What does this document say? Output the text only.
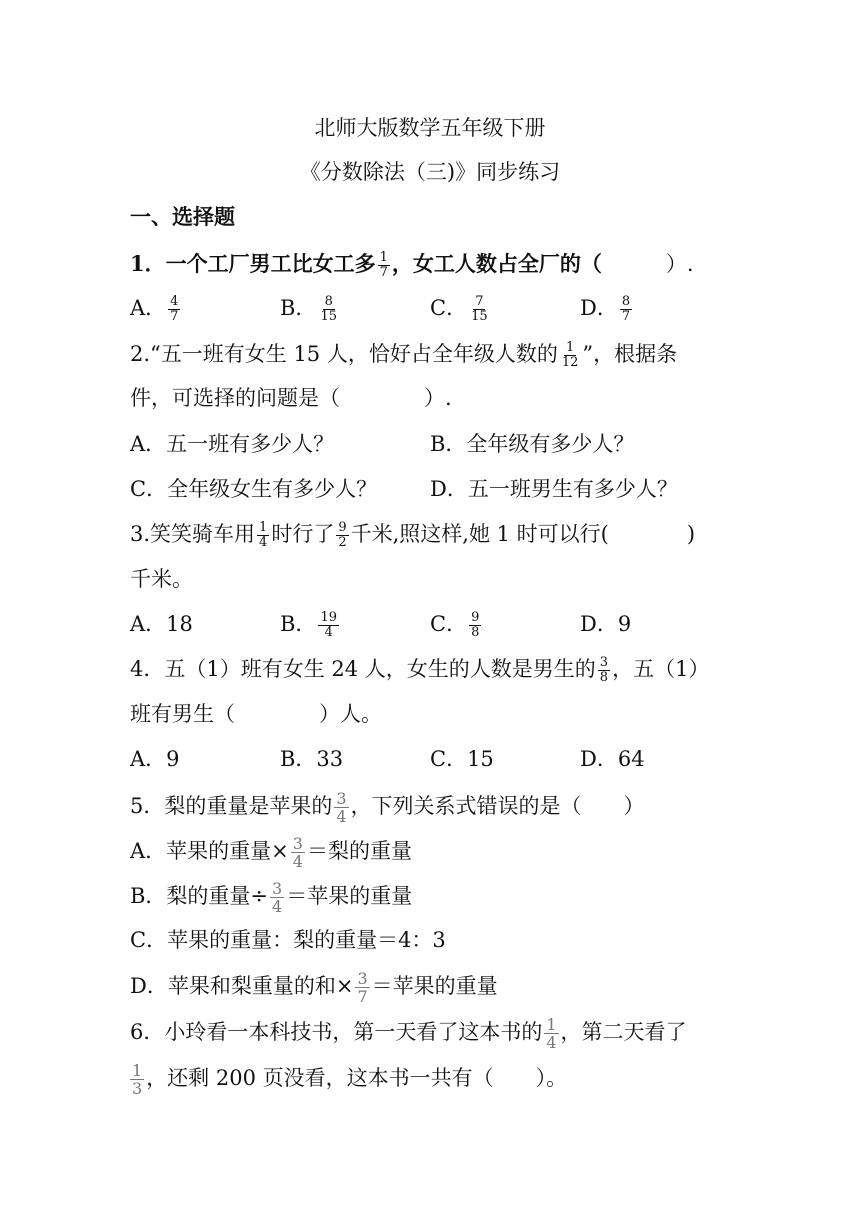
北师大版数学五年级下册
《分数除法（三)》同步练习
一、选择题
1．一个工厂男工比女工多 $\frac{1}{7}$ ，女工人数占全厂的（	）.
A． $\frac{4}{7}$	B． $\frac{8}{15}$	C． $\frac{7}{15}$	D． $\frac{8}{7}$
2.“五一班有女生 15 人，恰好占全年级人数的 $\frac{1}{12}$ ”，根据条
件，可选择的问题是（　　　　）.
A．五一班有多少人？	B．全年级有多少人？
C．全年级女生有多少人？	D．五一班男生有多少人？
3.笑笑骑车用 $\frac{1}{4}$ 时行了 $\frac{9}{2}$ 千米,照这样,她 1 时可以行(	)
千米。
A．18	B． $\frac{19}{4}$	C． $\frac{9}{8}$	D．9
4．五（1）班有女生 24 人，女生的人数是男生的 $\frac{3}{8}$ ，五（1）
班有男生（　　　　）人。
A．9	B．33	C．15	D．64
5．梨的重量是苹果的 $\frac{3}{4}$ ，下列关系式错误的是（　　）
A．苹果的重量× $\frac{3}{4}$ ＝梨的重量
B．梨的重量÷ $\frac{3}{4}$ ＝苹果的重量
C．苹果的重量：梨的重量＝4：3
D．苹果和梨重量的和× $\frac{3}{7}$ ＝苹果的重量
6．小玲看一本科技书，第一天看了这本书的 $\frac{1}{4}$ ，第二天看了
$\frac{1}{3}$ ，还剩 200 页没看，这本书一共有（　　）。
